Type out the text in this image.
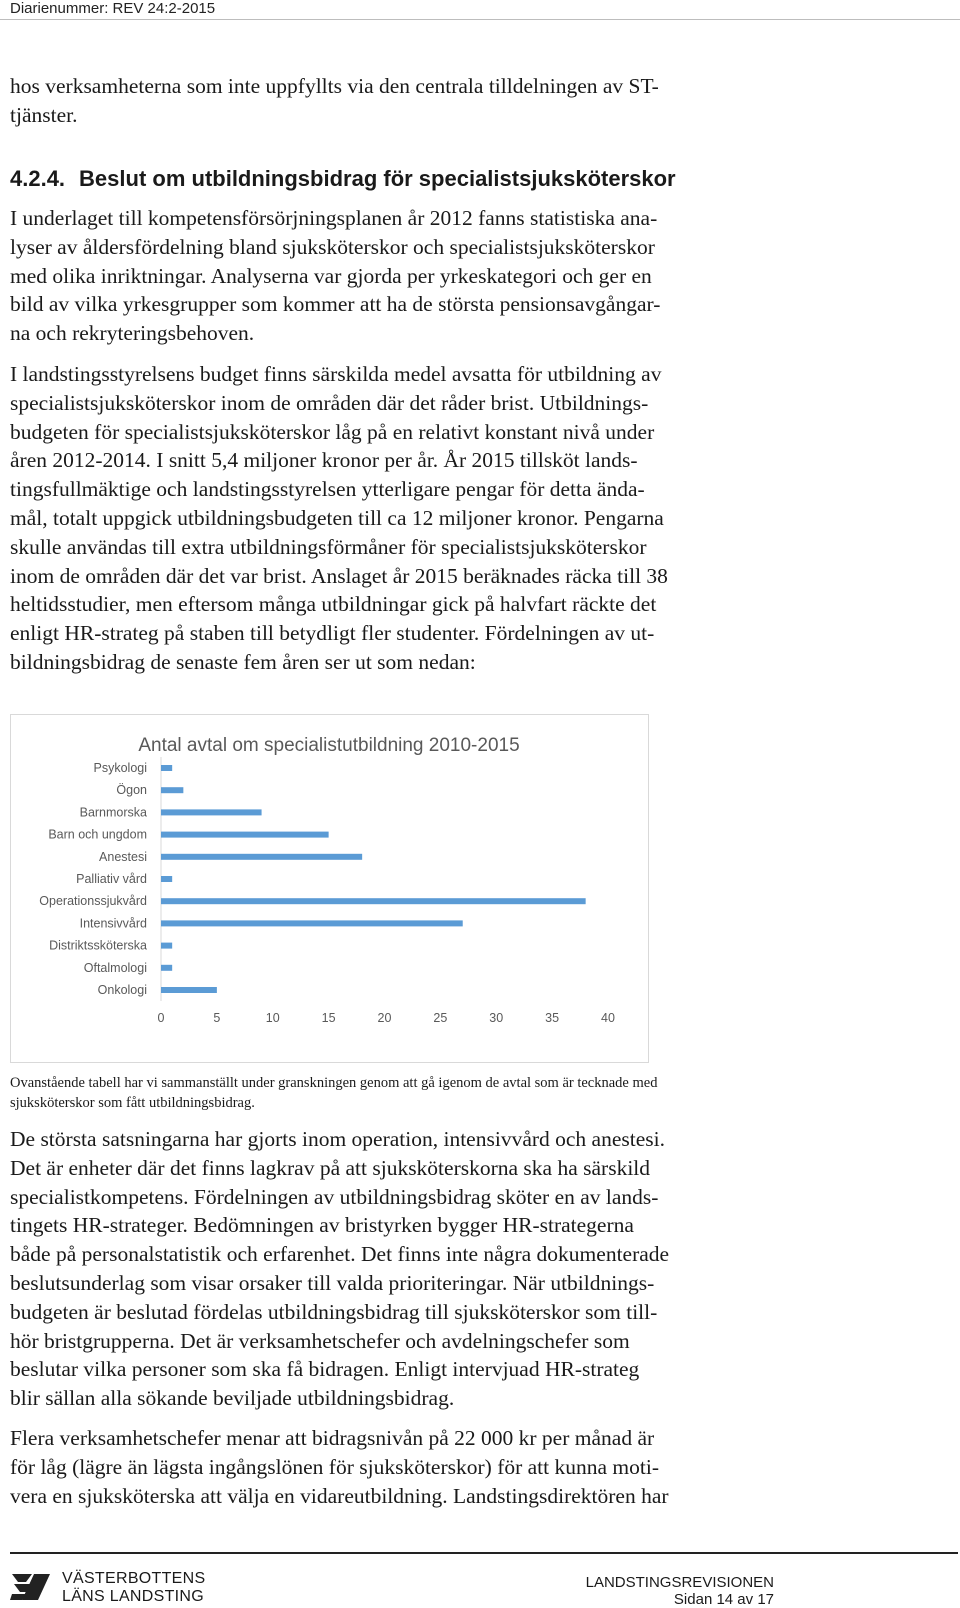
Diarienummer: REV 24:2-2015
hos verksamheterna som inte uppfyllts via den centrala tilldelningen av ST-
tjänster.
4.2.4. Beslut om utbildningsbidrag för specialistsjuksköterskor
I underlaget till kompetensförsörjningsplanen år 2012 fanns statistiska ana-
lyser av åldersfördelning bland sjuksköterskor och specialistsjuksköterskor
med olika inriktningar. Analyserna var gjorda per yrkeskategori och ger en
bild av vilka yrkesgrupper som kommer att ha de största pensionsavgångar-
na och rekryteringsbehoven.
I landstingsstyrelsens budget finns särskilda medel avsatta för utbildning av
specialistsjuksköterskor inom de områden där det råder brist. Utbildnings-
budgeten för specialistsjuksköterskor låg på en relativt konstant nivå under
åren 2012-2014. I snitt 5,4 miljoner kronor per år. År 2015 tillsköt lands-
tingsfullmäktige och landstingsstyrelsen ytterligare pengar för detta ända-
mål, totalt uppgick utbildningsbudgeten till ca 12 miljoner kronor. Pengarna
skulle användas till extra utbildningsförmåner för specialistsjuksköterskor
inom de områden där det var brist. Anslaget år 2015 beräknades räcka till 38
heltidsstudier, men eftersom många utbildningar gick på halvfart räckte det
enligt HR-strateg på staben till betydligt fler studenter. Fördelningen av ut-
bildningsbidrag de senaste fem åren ser ut som nedan:
Antal avtal om specialistutbildning 2010-2015
Psykologi
Ögon
Barnmorska
Barn och ungdom
Anestesi
Palliativ vård
Operationssjukvård
Intensivvård
Distriktssköterska
Oftalmologi
Onkologi
0	5	10	15	20	25	30	35	40
Ovanstående tabell har vi sammanställt under granskningen genom att gå igenom de avtal som är tecknade med
sjuksköterskor som fått utbildningsbidrag.
De största satsningarna har gjorts inom operation, intensivvård och anestesi.
Det är enheter där det finns lagkrav på att sjuksköterskorna ska ha särskild
specialistkompetens. Fördelningen av utbildningsbidrag sköter en av lands-
tingets HR-strateger. Bedömningen av bristyrken bygger HR-strategerna
både på personalstatistik och erfarenhet. Det finns inte några dokumenterade
beslutsunderlag som visar orsaker till valda prioriteringar. När utbildnings-
budgeten är beslutad fördelas utbildningsbidrag till sjuksköterskor som till-
hör bristgrupperna. Det är verksamhetschefer och avdelningschefer som
beslutar vilka personer som ska få bidragen. Enligt intervjuad HR-strateg
blir sällan alla sökande beviljade utbildningsbidrag.
Flera verksamhetschefer menar att bidragsnivån på 22 000 kr per månad är
för låg (lägre än lägsta ingångslönen för sjuksköterskor) för att kunna moti-
vera en sjuksköterska att välja en vidareutbildning. Landstingsdirektören har
VÄSTERBOTTENS
LÄNS LANDSTING
LANDSTINGSREVISIONEN
Sidan 14 av 17
